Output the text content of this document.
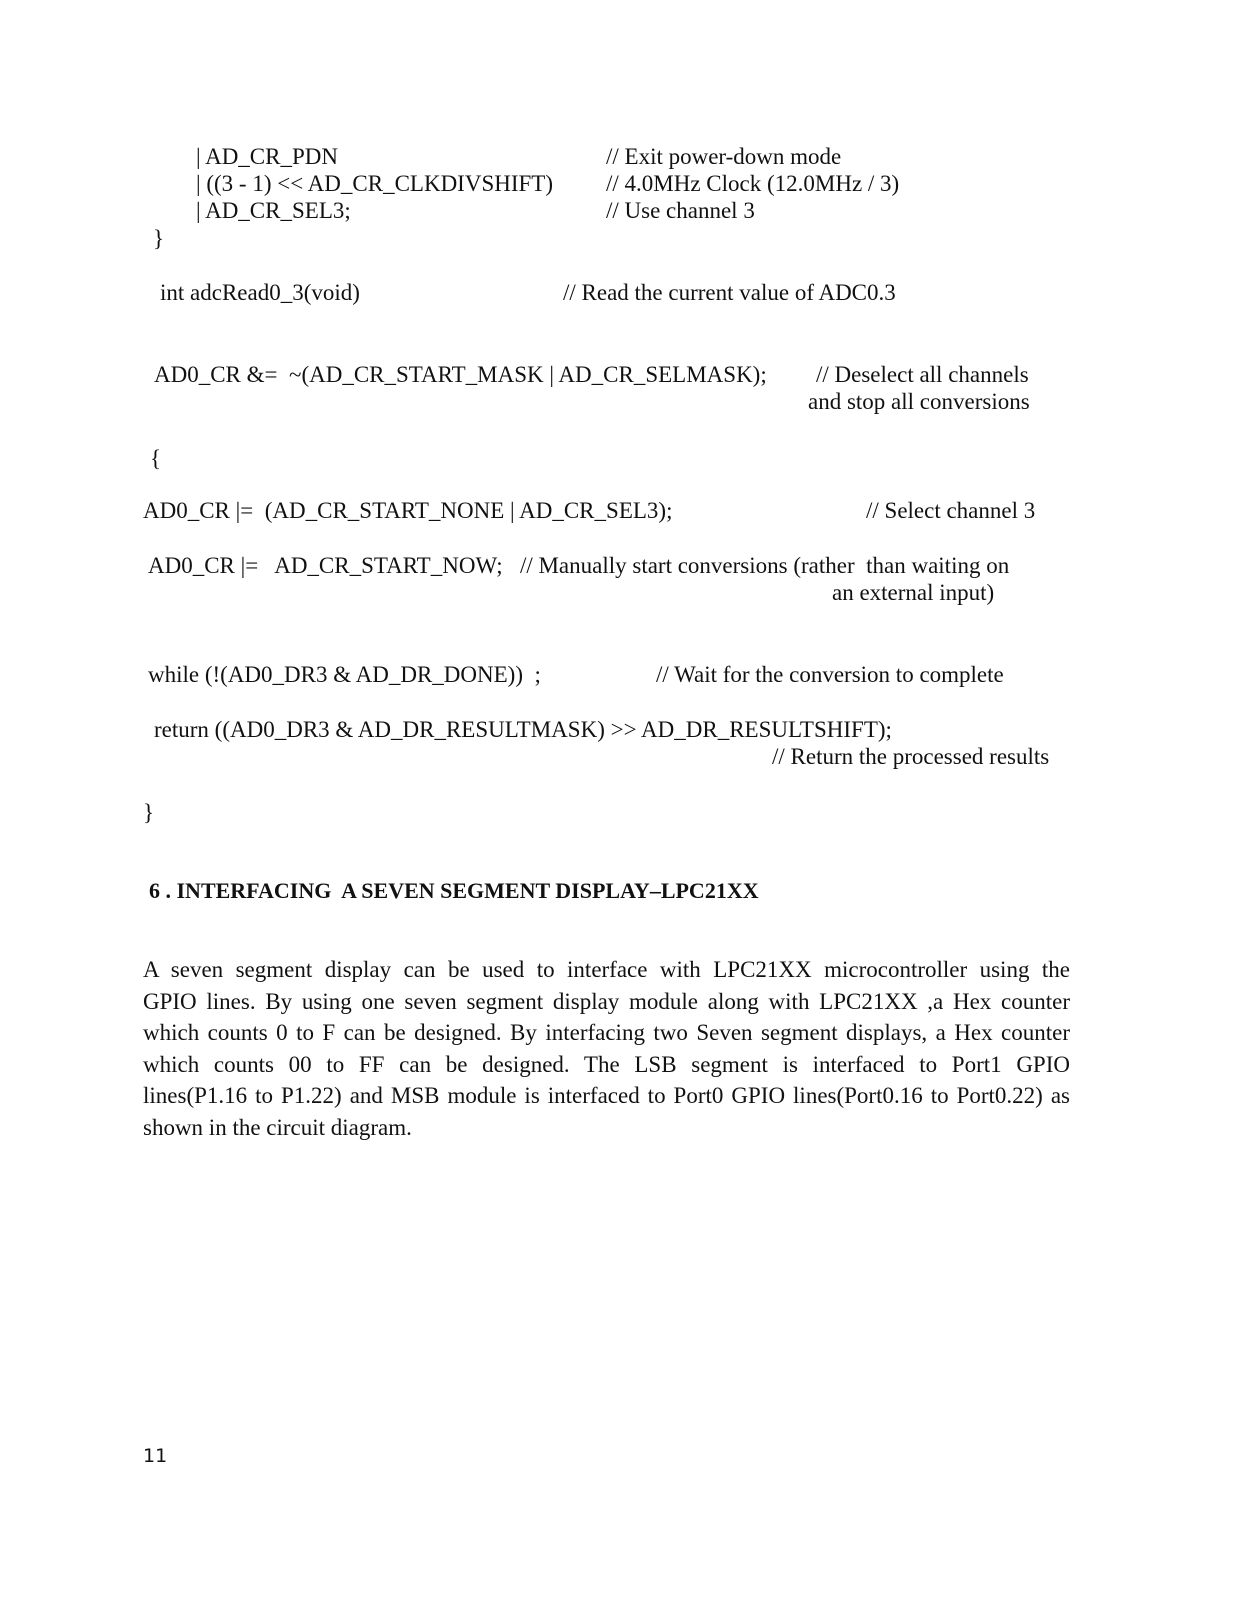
| AD_CR_PDN	// Exit power-down mode
| ((3 - 1) << AD_CR_CLKDIVSHIFT) // 4.0MHz Clock (12.0MHz / 3)
| AD_CR_SEL3;	// Use channel 3
}
int adcRead0_3(void)	// Read the current value of ADC0.3
AD0_CR &=  ~(AD_CR_START_MASK | AD_CR_SELMASK); // Deselect all channels
and stop all conversions
{
AD0_CR |=  (AD_CR_START_NONE | AD_CR_SEL3);	// Select channel 3
AD0_CR |=   AD_CR_START_NOW;   // Manually start conversions (rather  than waiting on
an external input)
while (!(AD0_DR3 & AD_DR_DONE))  ;	// Wait for the conversion to complete
return ((AD0_DR3 & AD_DR_RESULTMASK) >> AD_DR_RESULTSHIFT);
// Return the processed results
}
6 . INTERFACING  A SEVEN SEGMENT DISPLAY–LPC21XX
A seven segment display can be used to interface with LPC21XX microcontroller using the
GPIO lines. By using one seven segment display module along with LPC21XX ,a Hex counter
which counts 0 to F can be designed. By interfacing two Seven segment displays, a Hex counter
which counts 00 to FF can be designed. The LSB segment is interfaced to Port1 GPIO
lines(P1.16 to P1.22) and MSB module is interfaced to Port0 GPIO lines(Port0.16 to Port0.22) as
shown in the circuit diagram.
11
